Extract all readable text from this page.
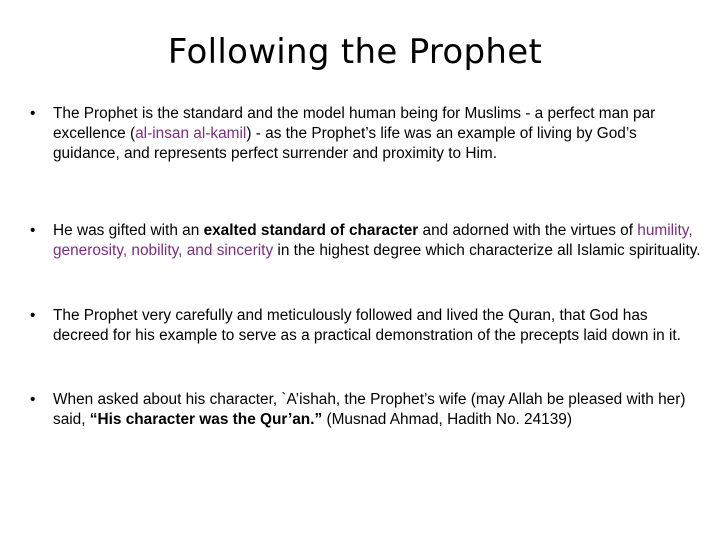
Following the Prophet
• The Prophet is the standard and the model human being for Muslims - a perfect man par excellence (al-insan al-kamil) - as the Prophet’s life was an example of living by God’s guidance, and represents perfect surrender and proximity to Him.
• He was gifted with an exalted standard of character and adorned with the virtues of humility, generosity, nobility, and sincerity in the highest degree which characterize all Islamic spirituality.
• The Prophet very carefully and meticulously followed and lived the Quran, that God has decreed for his example to serve as a practical demonstration of the precepts laid down in it.
• When asked about his character, `A’ishah, the Prophet’s wife (may Allah be pleased with her) said, “His character was the Qur’an.” (Musnad Ahmad, Hadith No. 24139)
